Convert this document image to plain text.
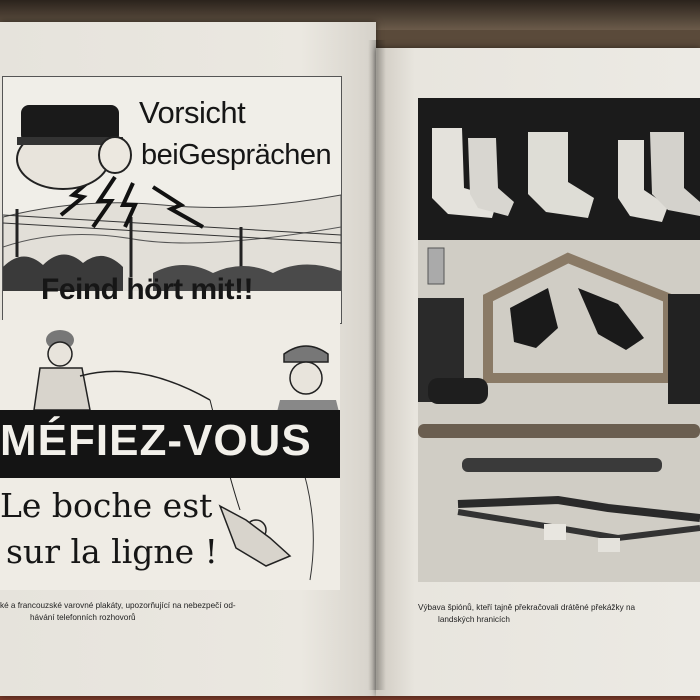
Vorsicht
beiGesprächen
Feind hört mit!!
MÉFIEZ-VOUS
Le boche est
sur la ligne !
ké a francouzské varovné plakáty, upozorňující na nebezpečí od-
hávání telefonních rozhovorů
Výbava špiónů, kteří tajně překračovali drátěné překážky na
landských hranicích
